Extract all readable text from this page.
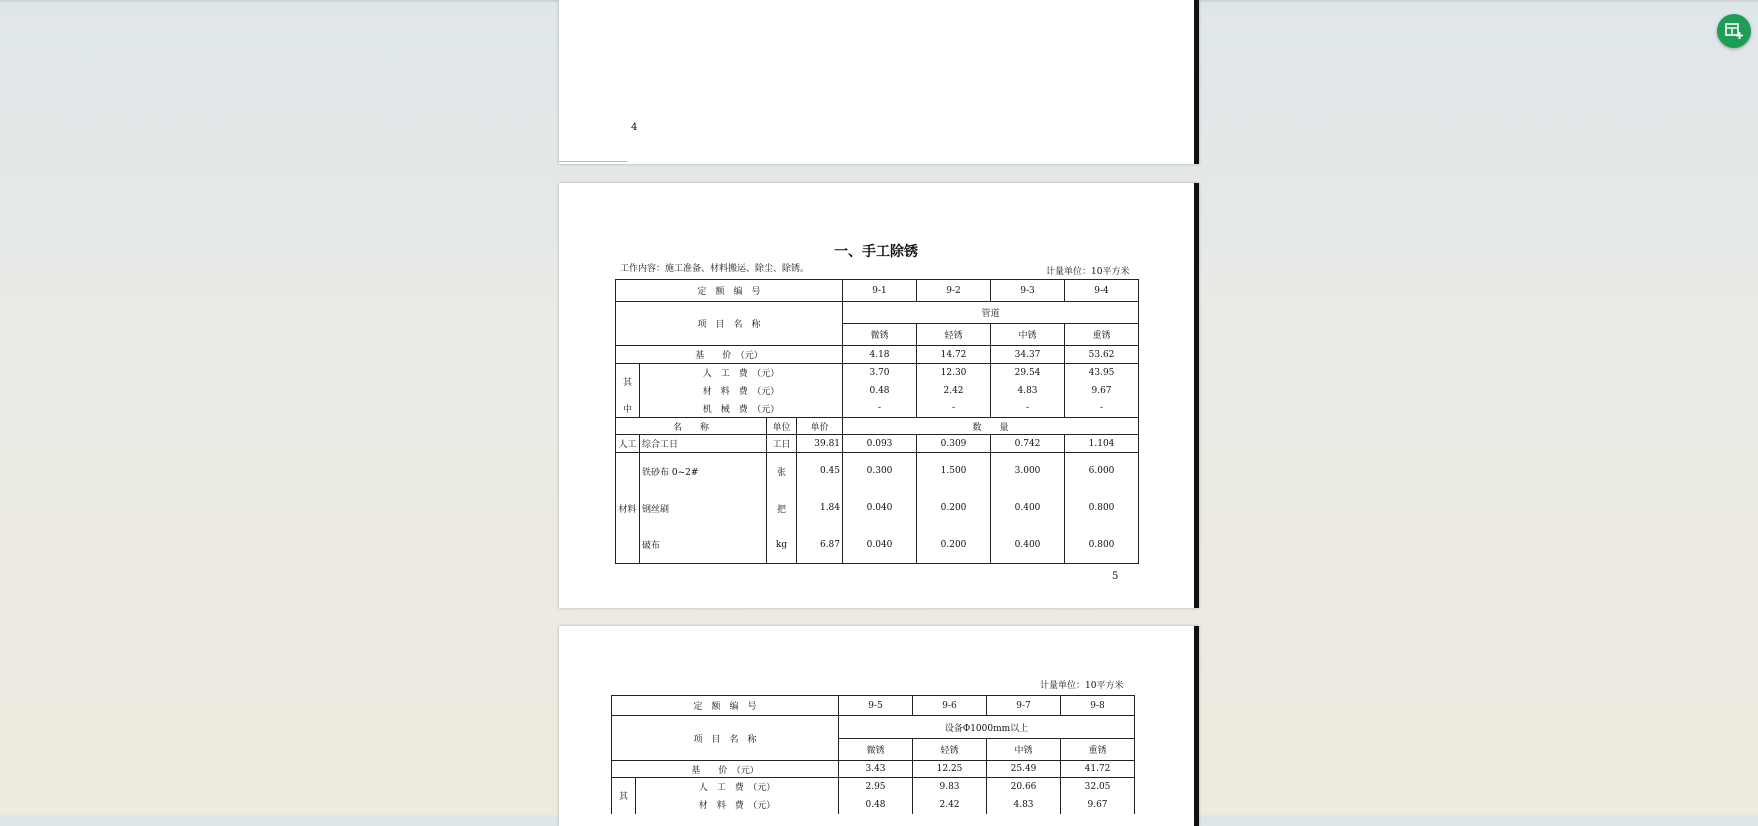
4
一、手工除锈
工作内容：施工准备、材料搬运、除尘、除锈。	计量单位：10平方米
定　额　编　号				9-1	9-2	9-3	9-4
项　目　名　称				管道			
				微锈	轻锈	中锈	重锈
基　　价　（元）				4.18	14.72	34.37	53.62
其	人　工　费　（元）			3.70	12.30	29.54	43.95
	材　料　费　（元）			0.48	2.42	4.83	9.67
中	机　械　费　（元）			-	-	-	-
名　　称		单位	单价	数　　量			
人工	综合工日	工日	39.81	0.093	0.309	0.742	1.104
材料	铁砂布 0~2#	张	0.45	0.300	1.500	3.000	6.000
	钢丝刷	把	1.84	0.040	0.200	0.400	0.800
	破布	kg	6.87	0.040	0.200	0.400	0.800
5
计量单位：10平方米
定　额　编　号		9-5	9-6	9-7	9-8
项　目　名　称		设备Φ1000mm以上			
		微锈	轻锈	中锈	重锈
基　　价　（元）		3.43	12.25	25.49	41.72
其	人　工　费　（元）	2.95	9.83	20.66	32.05
	材　料　费　（元）	0.48	2.42	4.83	9.67
